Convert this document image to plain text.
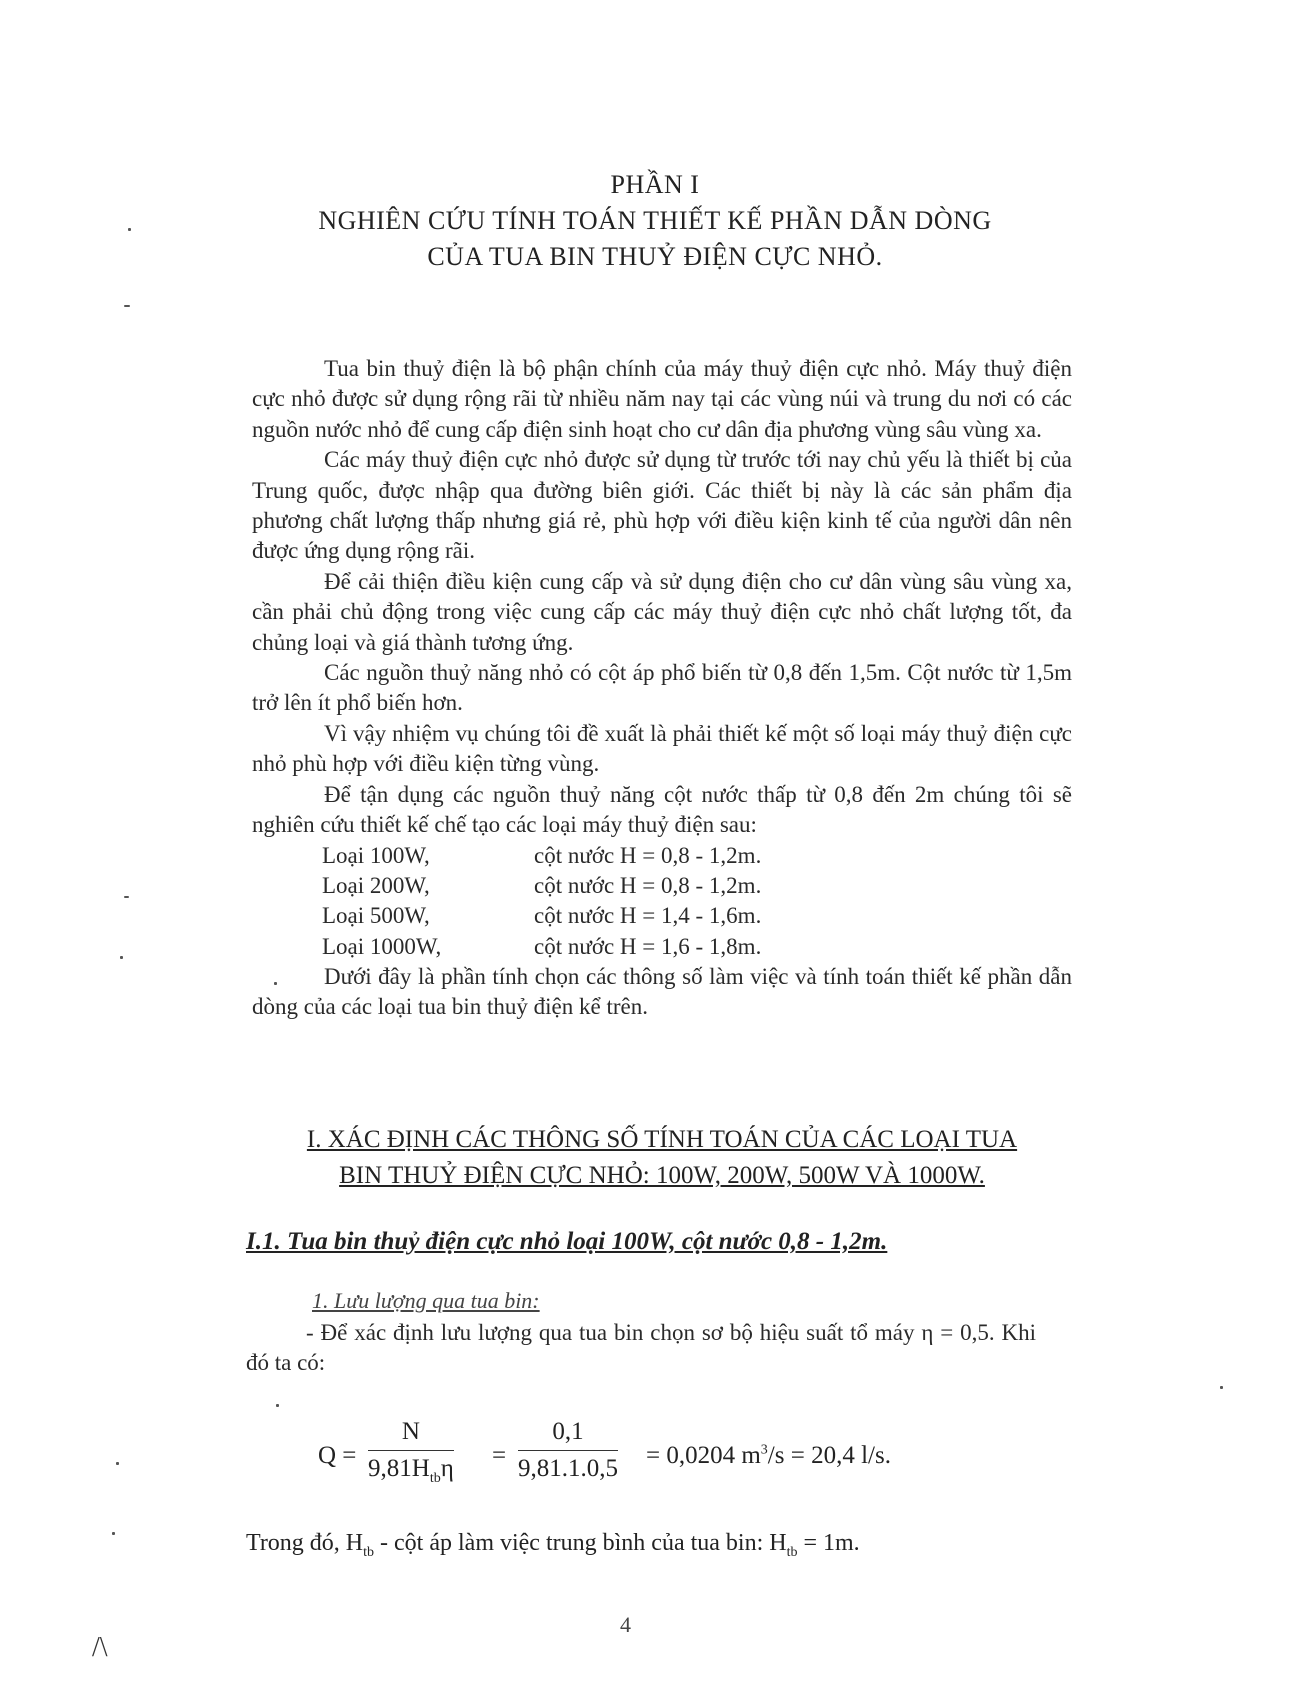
PHẦN I
NGHIÊN CỨU TÍNH TOÁN THIẾT KẾ PHẦN DẪN DÒNG
CỦA TUA BIN THUỶ ĐIỆN CỰC NHỎ.

Tua bin thuỷ điện là bộ phận chính của máy thuỷ điện cực nhỏ. Máy thuỷ điện cực nhỏ được sử dụng rộng rãi từ nhiều năm nay tại các vùng núi và trung du nơi có các nguồn nước nhỏ để cung cấp điện sinh hoạt cho cư dân địa phương vùng sâu vùng xa.

Các máy thuỷ điện cực nhỏ được sử dụng từ trước tới nay chủ yếu là thiết bị của Trung quốc, được nhập qua đường biên giới. Các thiết bị này là các sản phẩm địa phương chất lượng thấp nhưng giá rẻ, phù hợp với điều kiện kinh tế của người dân nên được ứng dụng rộng rãi.

Để cải thiện điều kiện cung cấp và sử dụng điện cho cư dân vùng sâu vùng xa, cần phải chủ động trong việc cung cấp các máy thuỷ điện cực nhỏ chất lượng tốt, đa chủng loại và giá thành tương ứng.

Các nguồn thuỷ năng nhỏ có cột áp phổ biến từ 0,8 đến 1,5m. Cột nước từ 1,5m trở lên ít phổ biến hơn.

Vì vậy nhiệm vụ chúng tôi đề xuất là phải thiết kế một số loại máy thuỷ điện cực nhỏ phù hợp với điều kiện từng vùng.

Để tận dụng các nguồn thuỷ năng cột nước thấp từ 0,8 đến 2m chúng tôi sẽ nghiên cứu thiết kế chế tạo các loại máy thuỷ điện sau:

Loại 100W,	cột nước H = 0,8 - 1,2m.
Loại 200W,	cột nước H = 0,8 - 1,2m.
Loại 500W,	cột nước H = 1,4 - 1,6m.
Loại 1000W,	cột nước H = 1,6 - 1,8m.

Dưới đây là phần tính chọn các thông số làm việc và tính toán thiết kế phần dẫn dòng của các loại tua bin thuỷ điện kể trên.

I. XÁC ĐỊNH CÁC THÔNG SỐ TÍNH TOÁN CỦA CÁC LOẠI TUA
BIN THUỶ ĐIỆN CỰC NHỎ: 100W, 200W, 500W VÀ 1000W.
I.1. Tua bin thuỷ điện cực nhỏ loại 100W, cột nước 0,8 - 1,2m.
1. Lưu lượng qua tua bin:

- Để xác định lưu lượng qua tua bin chọn sơ bộ hiệu suất tổ máy η = 0,5. Khi đó ta có:

Q =
N
$9,81H_{tb}\eta = \frac{0,1}{9,81.1.0,5} = 0,0204$ $m^3/s = 20,4$ l/s.
Trong đó, $H_{tb}$ - cột áp làm việc trung bình của tua bin: $H_{tb} = 1m$.
4
/\
